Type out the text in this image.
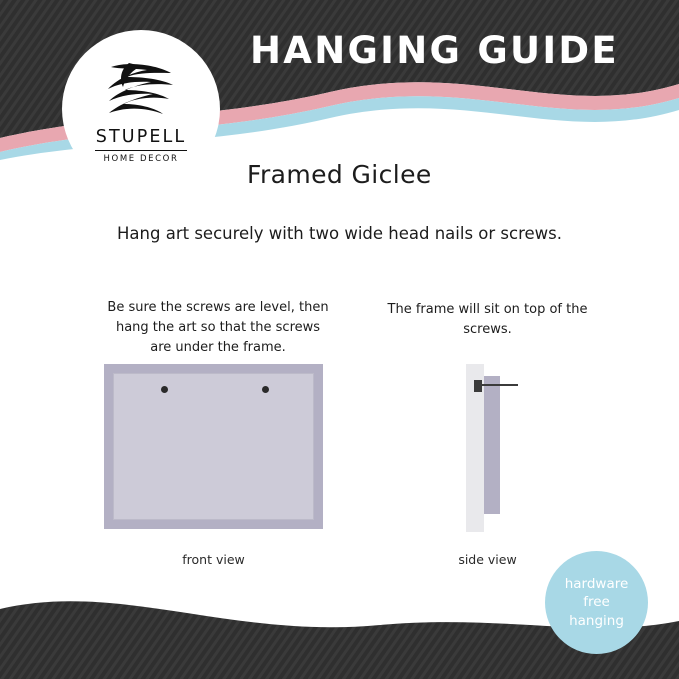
STUPELL
HOME DECOR
HANGING GUIDE
Framed Giclee
Hang art securely with two wide head nails or screws.
Be sure the screws are level, then hang the art so that the screws are under the frame.
The frame will sit on top of the screws.
front view	side view
hardware
free
hanging
